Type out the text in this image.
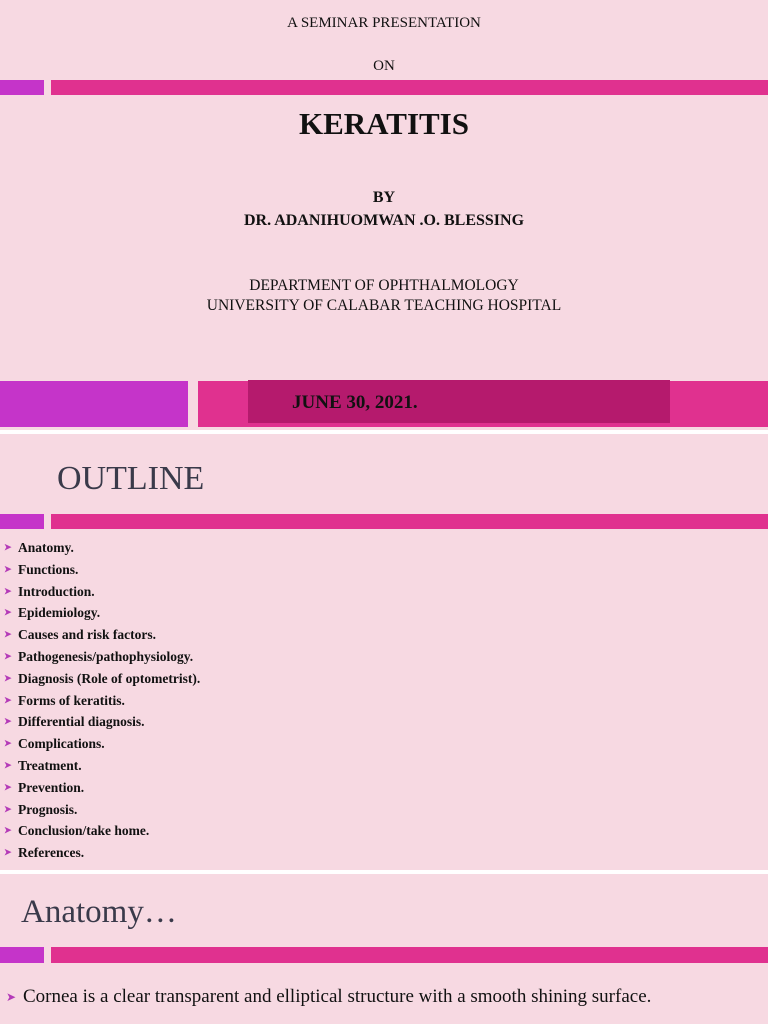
A SEMINAR PRESENTATION
ON
KERATITIS
BY
DR. ADANIHUOMWAN .O. BLESSING
DEPARTMENT OF OPHTHALMOLOGY
UNIVERSITY OF CALABAR TEACHING HOSPITAL
JUNE 30, 2021.
OUTLINE
➤ Anatomy.
➤ Functions.
➤ Introduction.
➤ Epidemiology.
➤ Causes and risk factors.
➤ Pathogenesis/pathophysiology.
➤ Diagnosis (Role of optometrist).
➤ Forms of keratitis.
➤ Differential diagnosis.
➤ Complications.
➤ Treatment.
➤ Prevention.
➤ Prognosis.
➤ Conclusion/take home.
➤ References.
Anatomy…
➤ Cornea is a clear transparent and elliptical structure with a smooth shining surface.
